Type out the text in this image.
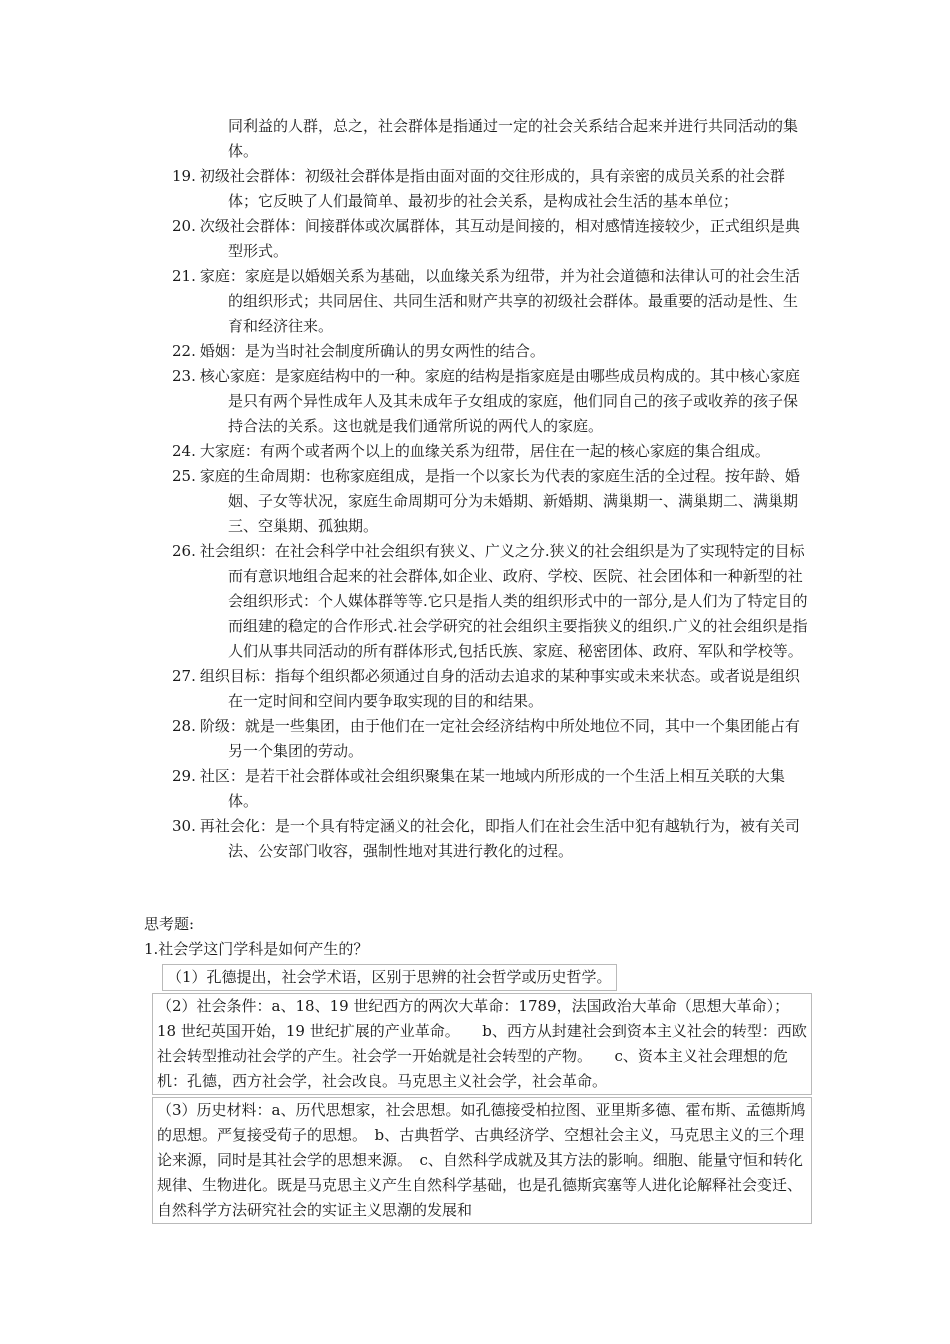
同利益的人群，总之，社会群体是指通过一定的社会关系结合起来并进行共同活动的集体。
19. 初级社会群体：初级社会群体是指由面对面的交往形成的，具有亲密的成员关系的社会群体；它反映了人们最简单、最初步的社会关系，是构成社会生活的基本单位；
20. 次级社会群体：间接群体或次属群体，其互动是间接的，相对感情连接较少，正式组织是典型形式。
21. 家庭：家庭是以婚姻关系为基础，以血缘关系为纽带，并为社会道德和法律认可的社会生活的组织形式；共同居住、共同生活和财产共享的初级社会群体。最重要的活动是性、生育和经济往来。
22. 婚姻：是为当时社会制度所确认的男女两性的结合。
23. 核心家庭：是家庭结构中的一种。家庭的结构是指家庭是由哪些成员构成的。其中核心家庭是只有两个异性成年人及其未成年子女组成的家庭，他们同自己的孩子或收养的孩子保持合法的关系。这也就是我们通常所说的两代人的家庭。
24. 大家庭：有两个或者两个以上的血缘关系为纽带，居住在一起的核心家庭的集合组成。
25. 家庭的生命周期：也称家庭组成，是指一个以家长为代表的家庭生活的全过程。按年龄、婚姻、子女等状况，家庭生命周期可分为未婚期、新婚期、满巢期一、满巢期二、满巢期三、空巢期、孤独期。
26. 社会组织：在社会科学中社会组织有狭义、广义之分.狭义的社会组织是为了实现特定的目标而有意识地组合起来的社会群体,如企业、政府、学校、医院、社会团体和一种新型的社会组织形式：个人媒体群等等.它只是指人类的组织形式中的一部分,是人们为了特定目的而组建的稳定的合作形式.社会学研究的社会组织主要指狭义的组织.广义的社会组织是指人们从事共同活动的所有群体形式,包括氏族、家庭、秘密团体、政府、军队和学校等。
27. 组织目标：指每个组织都必须通过自身的活动去追求的某种事实或未来状态。或者说是组织在一定时间和空间内要争取实现的目的和结果。
28. 阶级：就是一些集团，由于他们在一定社会经济结构中所处地位不同，其中一个集团能占有另一个集团的劳动。
29. 社区：是若干社会群体或社会组织聚集在某一地域内所形成的一个生活上相互关联的大集体。
30. 再社会化：是一个具有特定涵义的社会化，即指人们在社会生活中犯有越轨行为，被有关司法、公安部门收容，强制性地对其进行教化的过程。
思考题:
1.社会学这门学科是如何产生的？

（1）孔德提出，社会学术语，区别于思辨的社会哲学或历史哲学。

（2）社会条件：a、18、19 世纪西方的两次大革命：1789，法国政治大革命（思想大革命）；18 世纪英国开始，19 世纪扩展的产业革命。　　b、西方从封建社会到资本主义社会的转型：西欧社会转型推动社会学的产生。社会学一开始就是社会转型的产物。　　c、资本主义社会理想的危机：孔德，西方社会学，社会改良。马克思主义社会学，社会革命。

（3）历史材料：a、历代思想家，社会思想。如孔德接受柏拉图、亚里斯多德、霍布斯、孟德斯鸠的思想。严复接受荀子的思想。　b、古典哲学、古典经济学、空想社会主义，马克思主义的三个理论来源，同时是其社会学的思想来源。　c、自然科学成就及其方法的影响。细胞、能量守恒和转化规律、生物进化。既是马克思主义产生自然科学基础，也是孔德斯宾塞等人进化论解释社会变迁、自然科学方法研究社会的实证主义思潮的发展和
